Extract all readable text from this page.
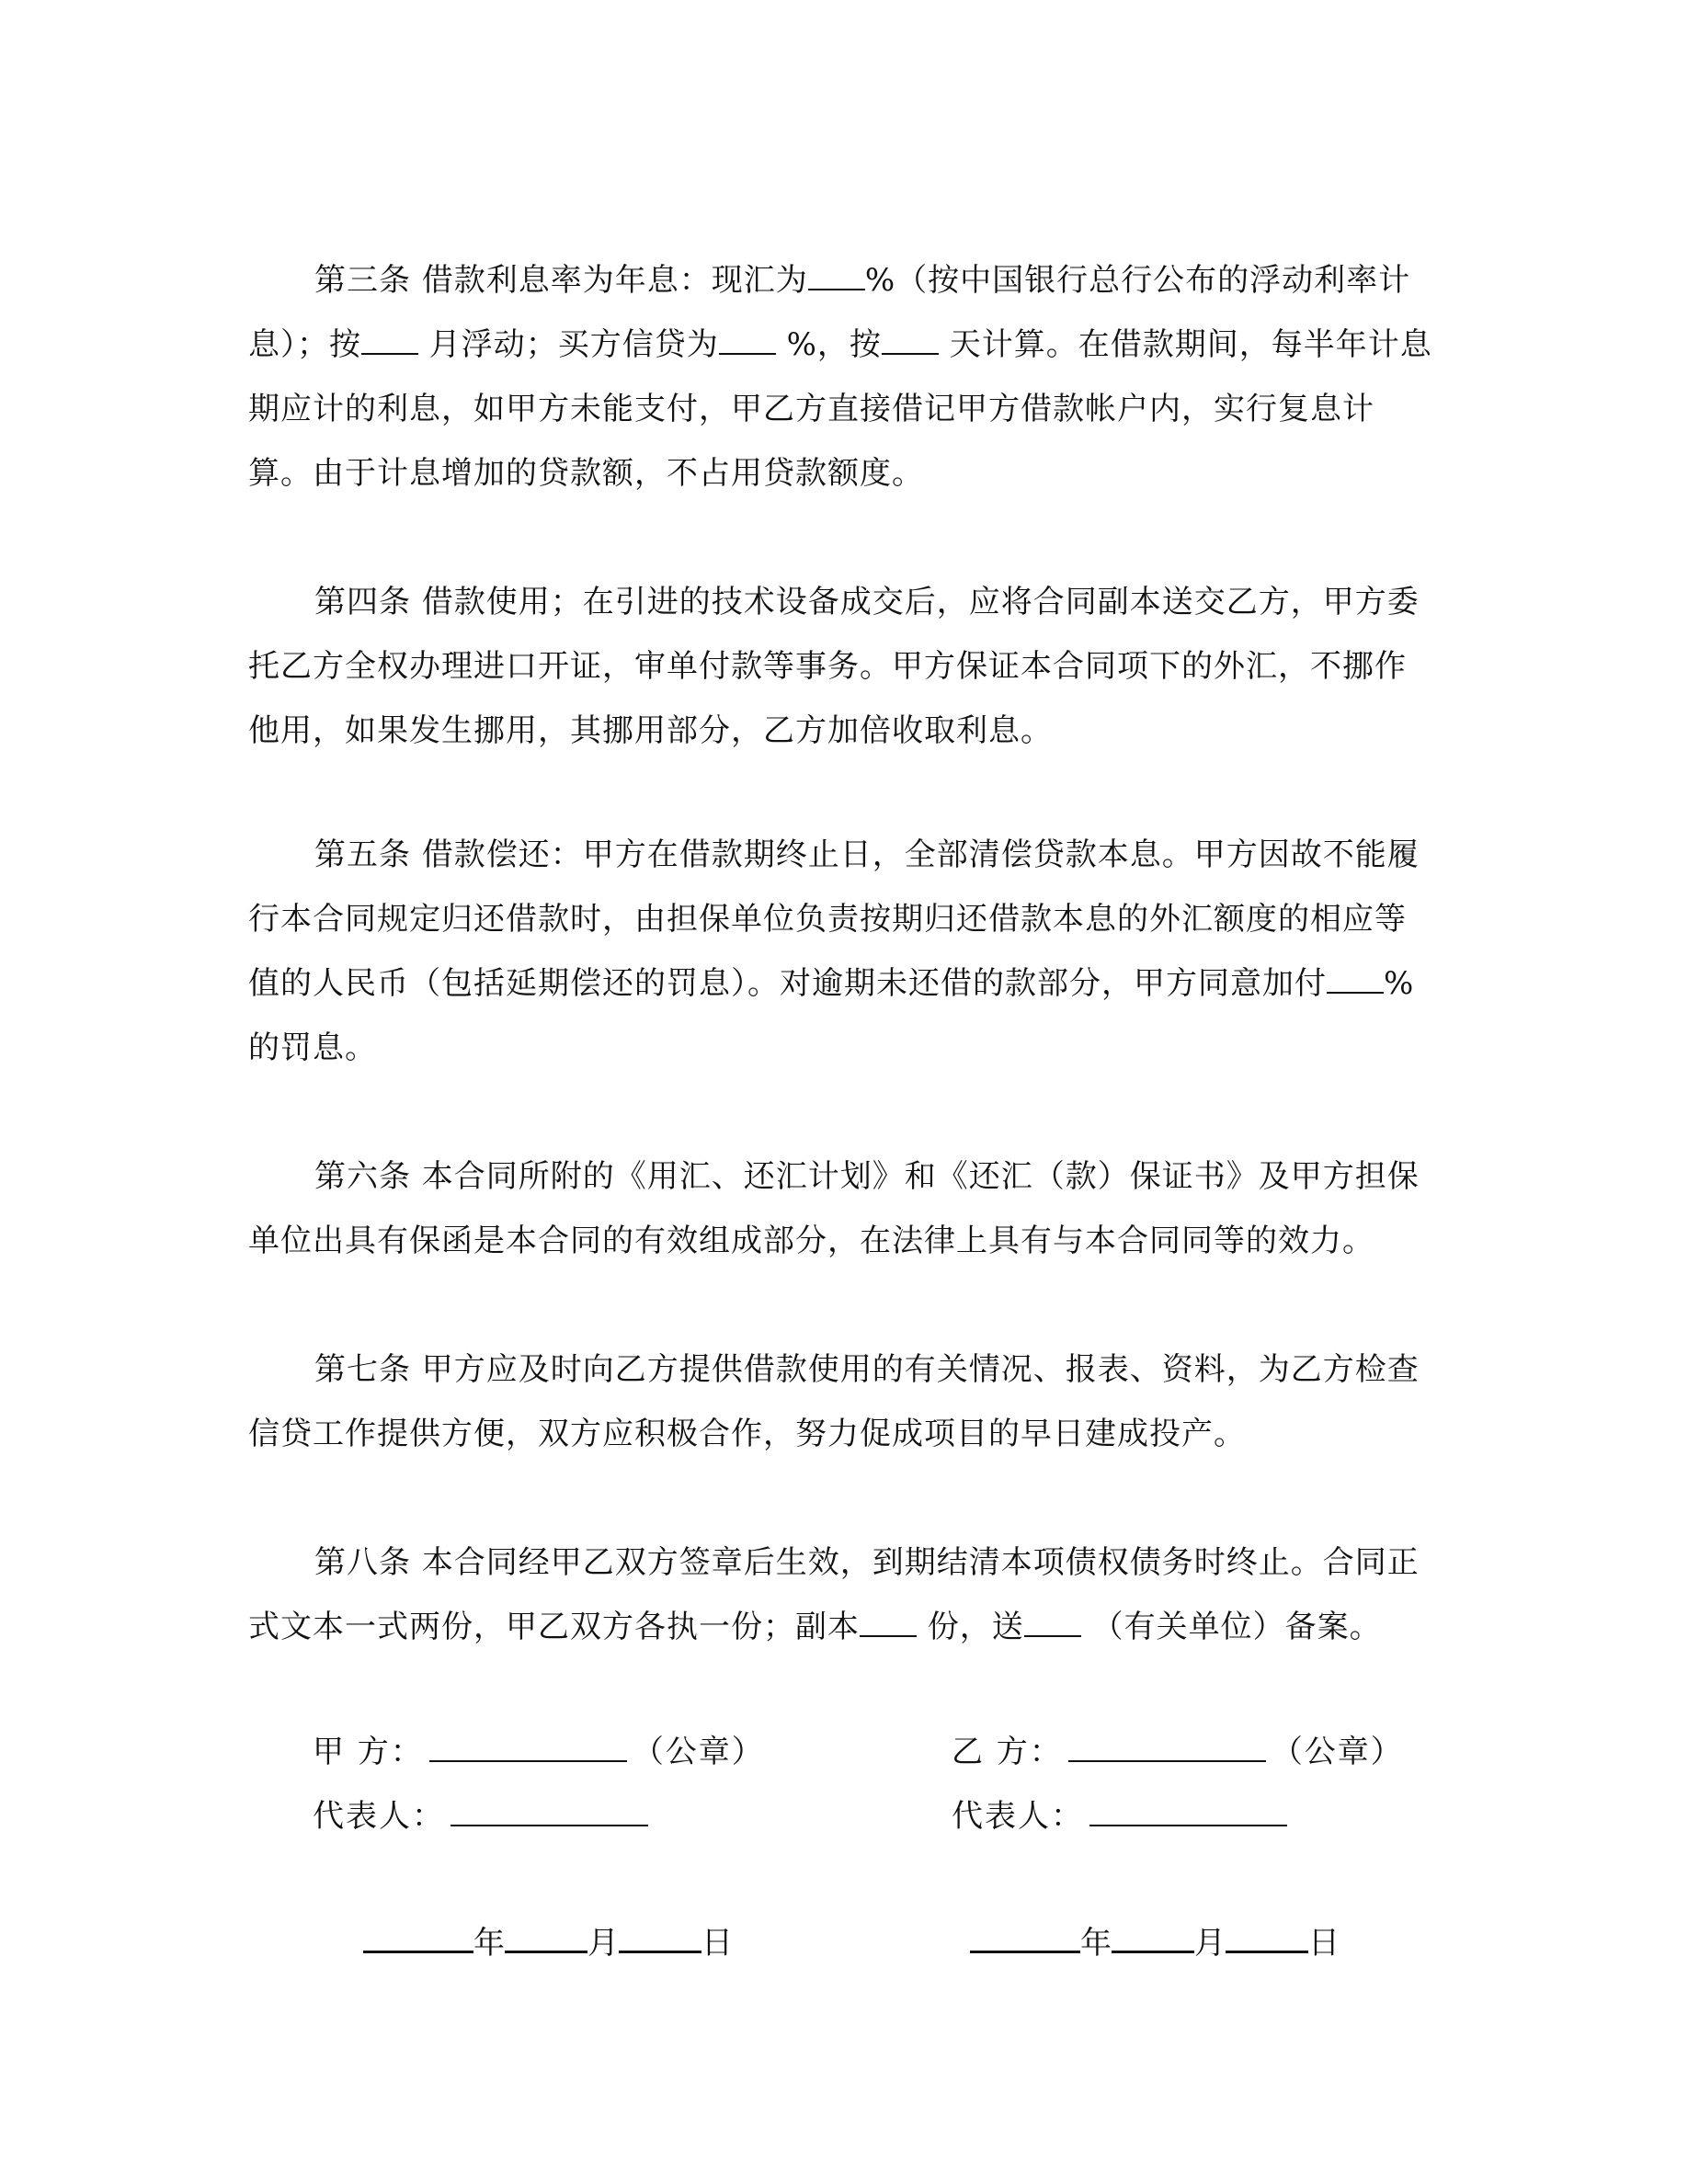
第三条 借款利息率为年息：现汇为 %（按中国银行总行公布的浮动利率计息）；按 月浮动；买方信贷为 %，按 天计算。在借款期间，每半年计息期应计的利息，如甲方未能支付，甲乙方直接借记甲方借款帐户内，实行复息计算。由于计息增加的贷款额，不占用贷款额度。

第四条 借款使用；在引进的技术设备成交后，应将合同副本送交乙方，甲方委托乙方全权办理进口开证，审单付款等事务。甲方保证本合同项下的外汇，不挪作他用，如果发生挪用，其挪用部分，乙方加倍收取利息。

第五条 借款偿还：甲方在借款期终止日，全部清偿贷款本息。甲方因故不能履行本合同规定归还借款时，由担保单位负责按期归还借款本息的外汇额度的相应等值的人民币（包括延期偿还的罚息）。对逾期未还借的款部分，甲方同意加付 %的罚息。

第六条 本合同所附的《用汇、还汇计划》和《还汇（款）保证书》及甲方担保单位出具有保函是本合同的有效组成部分，在法律上具有与本合同同等的效力。

第七条 甲方应及时向乙方提供借款使用的有关情况、报表、资料，为乙方检查信贷工作提供方便，双方应积极合作，努力促成项目的早日建成投产。

第八条 本合同经甲乙双方签章后生效，到期结清本项债权债务时终止。合同正式文本一式两份，甲乙双方各执一份；副本 份，送 （有关单位）备案。

甲 方：	（公章）	乙 方：	（公章）
代表人：	代表人：
年	月	日	年	月	日
